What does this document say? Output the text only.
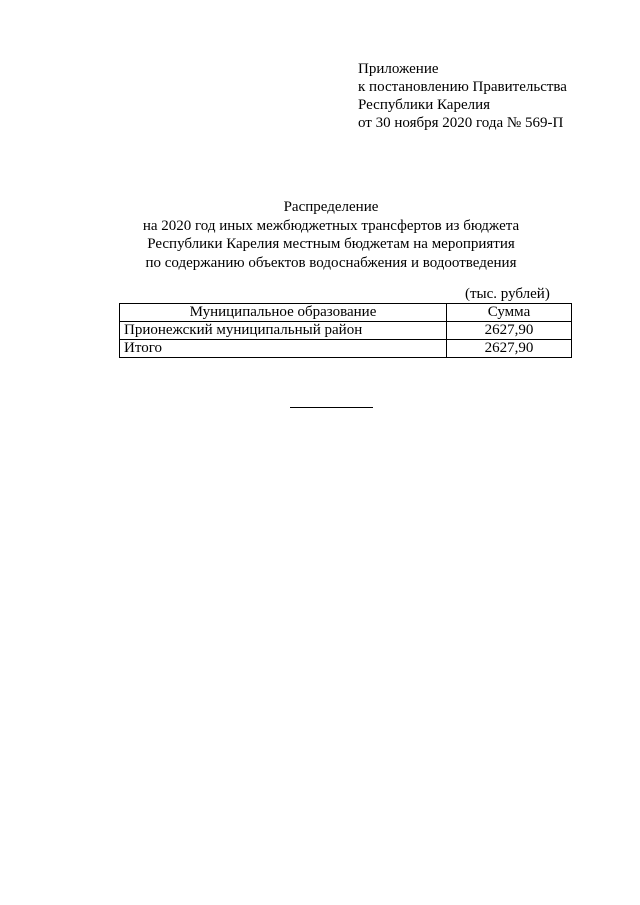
Приложение
к постановлению Правительства
Республики Карелия
от 30 ноября 2020 года № 569-П
Распределение
на 2020 год иных межбюджетных трансфертов из бюджета
Республики Карелия местным бюджетам на мероприятия
по содержанию объектов водоснабжения и водоотведения
(тыс. рублей)
Муниципальное образование	Сумма
Прионежский муниципальный район	2627,90
Итого	2627,90
